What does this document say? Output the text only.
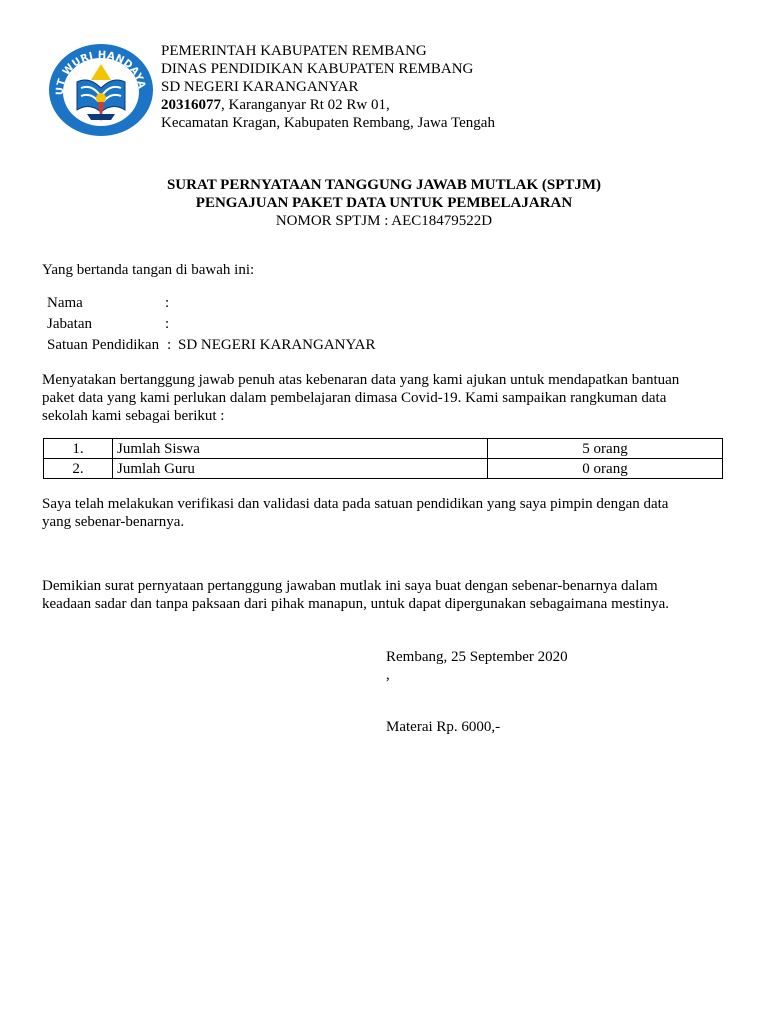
UT WURI HANDAYA
PEMERINTAH KABUPATEN REMBANG
DINAS PENDIDIKAN KABUPATEN REMBANG
SD NEGERI KARANGANYAR
20316077, Karanganyar Rt 02 Rw 01,
Kecamatan Kragan, Kabupaten Rembang, Jawa Tengah
SURAT PERNYATAAN TANGGUNG JAWAB MUTLAK (SPTJM)
PENGAJUAN PAKET DATA UNTUK PEMBELAJARAN
NOMOR SPTJM : AEC18479522D
Yang bertanda tangan di bawah ini:
Nama	:
Jabatan	:
Satuan Pendidikan : SD NEGERI KARANGANYAR
Menyatakan bertanggung jawab penuh atas kebenaran data yang kami ajukan untuk mendapatkan bantuan
paket data yang kami perlukan dalam pembelajaran dimasa Covid-19. Kami sampaikan rangkuman data
sekolah kami sebagai berikut :
1.	Jumlah Siswa	5 orang
2.	Jumlah Guru	0 orang
Saya telah melakukan verifikasi dan validasi data pada satuan pendidikan yang saya pimpin dengan data
yang sebenar-benarnya.
Demikian surat pernyataan pertanggung jawaban mutlak ini saya buat dengan sebenar-benarnya dalam
keadaan sadar dan tanpa paksaan dari pihak manapun, untuk dapat dipergunakan sebagaimana mestinya.
Rembang, 25 September 2020
,
Materai Rp. 6000,-
